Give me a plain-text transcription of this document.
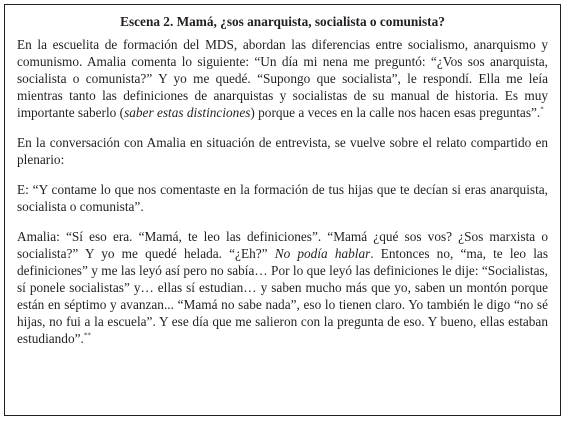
Escena 2. Mamá, ¿sos anarquista, socialista o comunista?

En la escuelita de formación del MDS, abordan las diferencias entre socialismo, anarquismo y comunismo. Amalia comenta lo siguiente: “Un día mi nena me preguntó: “¿Vos sos anarquista, socialista o comunista?” Y yo me quedé. “Supongo que socialista”, le respondí. Ella me leía mientras tanto las definiciones de anarquistas y socialistas de su manual de historia. Es muy importante saberlo (saber estas distinciones) porque a veces en la calle nos hacen esas preguntas”.*

En la conversación con Amalia en situación de entrevista, se vuelve sobre el relato compartido en plenario:

E: “Y contame lo que nos comentaste en la formación de tus hijas que te decían si eras anarquista, socialista o comunista”.

Amalia: “Sí eso era. “Mamá, te leo las definiciones”. “Mamá ¿qué sos vos? ¿Sos marxista o socialista?” Y yo me quedé helada. “¿Eh?” No podía hablar. Entonces no, “ma, te leo las definiciones” y me las leyó así pero no sabía… Por lo que leyó las definiciones le dije: “Socialistas, sí ponele socialistas” y… ellas sí estudian… y saben mucho más que yo, saben un montón porque están en séptimo y avanzan... “Mamá no sabe nada”, eso lo tienen claro. Yo también le digo “no sé hijas, no fui a la escuela”. Y ese día que me salieron con la pregunta de eso. Y bueno, ellas estaban estudiando”.**
